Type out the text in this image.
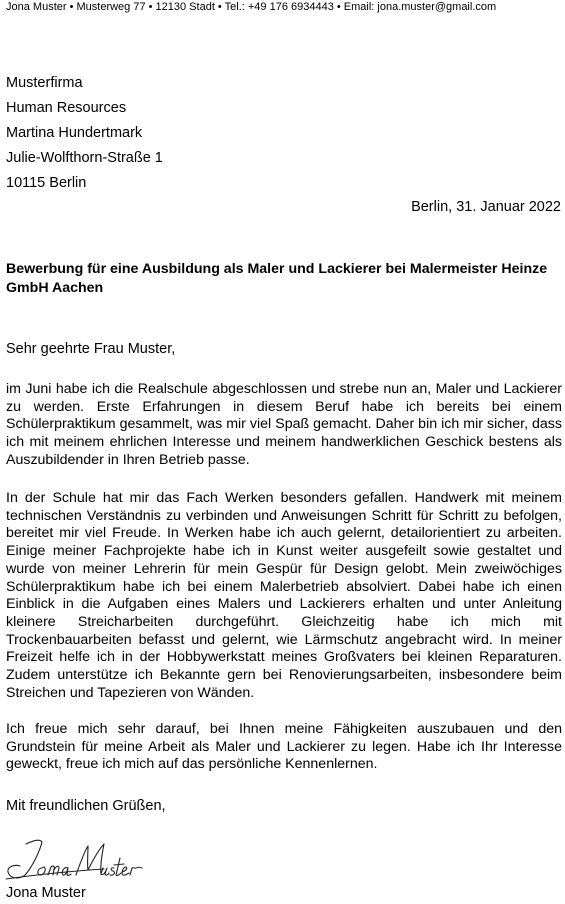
Jona Muster • Musterweg 77 • 12130 Stadt • Tel.: +49 176 6934443 • Email: jona.muster@gmail.com
Musterfirma
Human Resources
Martina Hundertmark
Julie-Wolfthorn-Straße 1
10115 Berlin
Berlin, 31. Januar 2022
Bewerbung für eine Ausbildung als Maler und Lackierer bei Malermeister Heinze GmbH Aachen
Sehr geehrte Frau Muster,
im Juni habe ich die Realschule abgeschlossen und strebe nun an, Maler und Lackierer zu werden. Erste Erfahrungen in diesem Beruf habe ich bereits bei einem Schülerpraktikum gesammelt, was mir viel Spaß gemacht. Daher bin ich mir sicher, dass ich mit meinem ehrlichen Interesse und meinem handwerklichen Geschick bestens als Auszubildender in Ihren Betrieb passe.
In der Schule hat mir das Fach Werken besonders gefallen. Handwerk mit meinem technischen Verständnis zu verbinden und Anweisungen Schritt für Schritt zu befolgen, bereitet mir viel Freude. In Werken habe ich auch gelernt, detailorientiert zu arbeiten. Einige meiner Fachprojekte habe ich in Kunst weiter ausgefeilt sowie gestaltet und wurde von meiner Lehrerin für mein Gespür für Design gelobt. Mein zweiwöchiges Schülerpraktikum habe ich bei einem Malerbetrieb absolviert. Dabei habe ich einen Einblick in die Aufgaben eines Malers und Lackierers erhalten und unter Anleitung kleinere Streicharbeiten durchgeführt. Gleichzeitig habe ich mich mit Trockenbauarbeiten befasst und gelernt, wie Lärmschutz angebracht wird. In meiner Freizeit helfe ich in der Hobbywerkstatt meines Großvaters bei kleinen Reparaturen. Zudem unterstütze ich Bekannte gern bei Renovierungsarbeiten, insbesondere beim Streichen und Tapezieren von Wänden.
Ich freue mich sehr darauf, bei Ihnen meine Fähigkeiten auszubauen und den Grundstein für meine Arbeit als Maler und Lackierer zu legen. Habe ich Ihr Interesse geweckt, freue ich mich auf das persönliche Kennenlernen.
Mit freundlichen Grüßen,
Jona Muster
